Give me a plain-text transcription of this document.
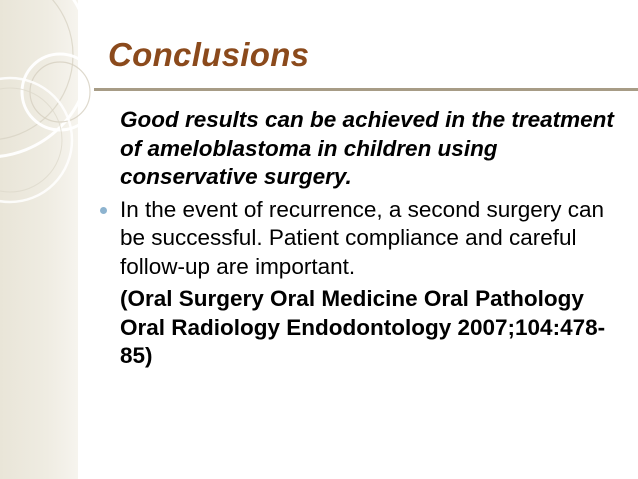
Conclusions

Good results can be achieved in the treatment of ameloblastoma in children using conservative surgery.

In the event of recurrence, a second surgery can be successful. Patient compliance and careful follow-up are important.

(Oral Surgery Oral Medicine Oral Pathology Oral Radiology Endodontology 2007;104:478-85)
